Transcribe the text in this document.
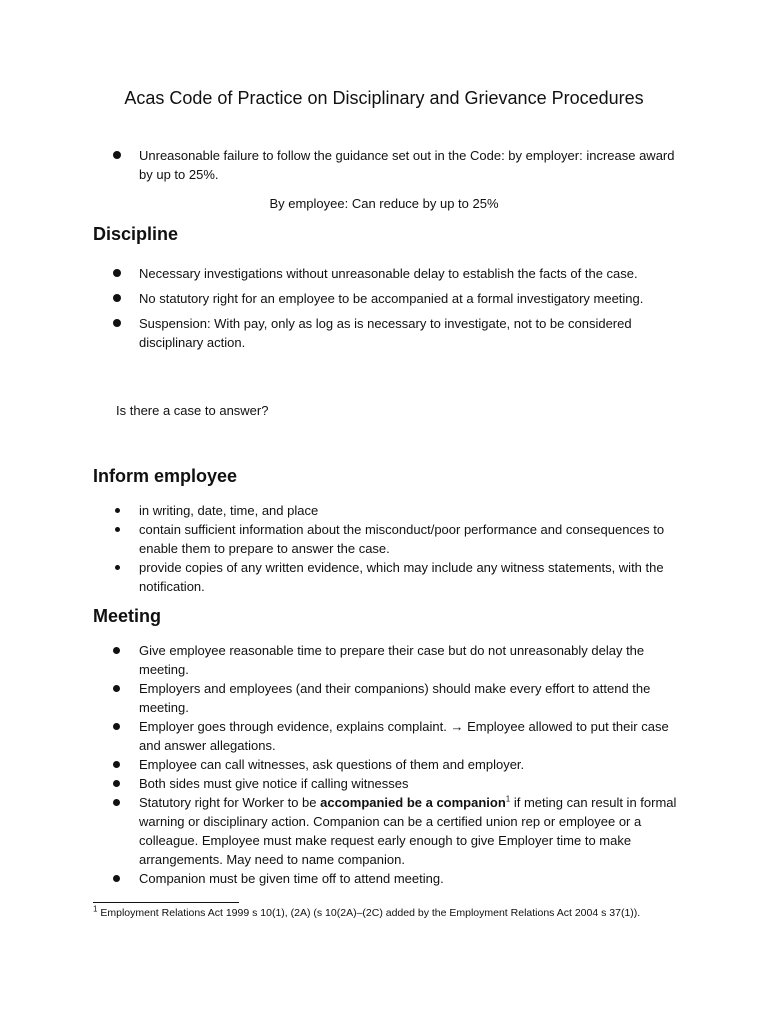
Acas Code of Practice on Disciplinary and Grievance Procedures
Unreasonable failure to follow the guidance set out in the Code: by employer: increase award by up to 25%.
By employee: Can reduce by up to 25%
Discipline
Necessary investigations without unreasonable delay to establish the facts of the case.
No statutory right for an employee to be accompanied at a formal investigatory meeting.
Suspension: With pay, only as log as is necessary to investigate, not to be considered disciplinary action.
Is there a case to answer?
Inform employee
in writing, date, time, and place
contain sufficient information about the misconduct/poor performance and consequences to enable them to prepare to answer the case.
provide copies of any written evidence, which may include any witness statements, with the notification.
Meeting
Give employee reasonable time to prepare their case but do not unreasonably delay the meeting.
Employers and employees (and their companions) should make every effort to attend the meeting.
Employer goes through evidence, explains complaint. → Employee allowed to put their case and answer allegations.
Employee can call witnesses, ask questions of them and employer.
Both sides must give notice if calling witnesses
Statutory right for Worker to be accompanied be a companion$^1$ if meting can result in formal warning or disciplinary action. Companion can be a certified union rep or employee or a colleague. Employee must make request early enough to give Employer time to make arrangements. May need to name companion.
Companion must be given time off to attend meeting.
$^1$ Employment Relations Act 1999 s 10(1), (2A) (s 10(2A)–(2C) added by the Employment Relations Act 2004 s 37(1)).
